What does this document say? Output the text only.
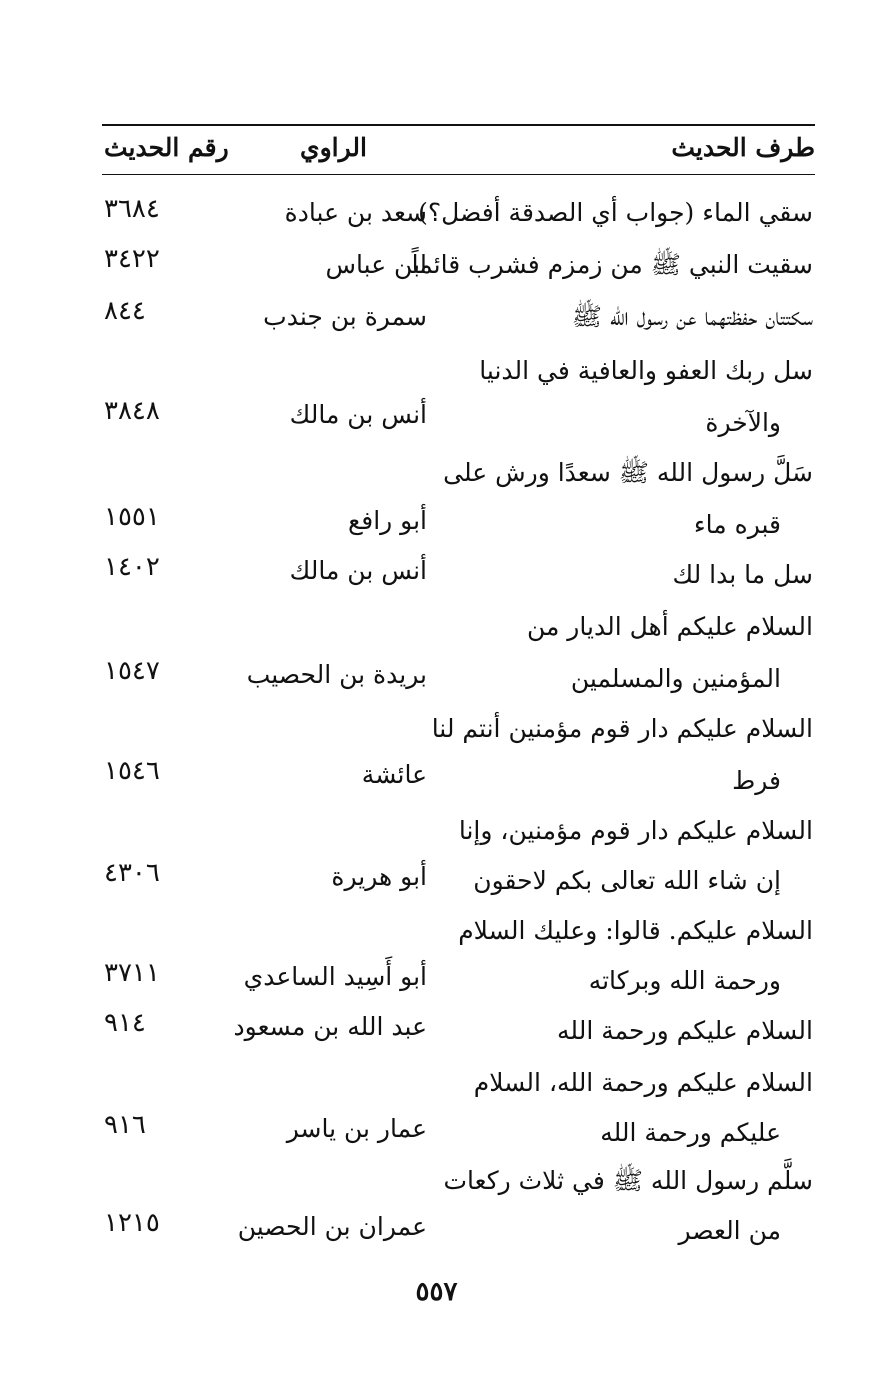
طرف الحديث
الراوي
رقم الحديث
سقي الماء (جواب أي الصدقة أفضل؟)
سعد بن عبادة
٣٦٨٤
سقيت النبي ﷺ من زمزم فشرب قائماً
ابن عباس
٣٤٢٢
سكتتان حفظتهما عن رسول الله ﷺ
سمرة بن جندب
٨٤٤
سل ربك العفو والعافية في الدنيا
والآخرة
أنس بن مالك
٣٨٤٨
سَلَّ رسول الله ﷺ سعدًا ورش على
قبره ماء
أبو رافع
١٥٥١
سل ما بدا لك
أنس بن مالك
١٤٠٢
السلام عليكم أهل الديار من
المؤمنين والمسلمين
بريدة بن الحصيب
١٥٤٧
السلام عليكم دار قوم مؤمنين أنتم لنا
فرط
عائشة
١٥٤٦
السلام عليكم دار قوم مؤمنين، وإنا
إن شاء الله تعالى بكم لاحقون
أبو هريرة
٤٣٠٦
السلام عليكم. قالوا: وعليك السلام
ورحمة الله وبركاته
أبو أَسِيد الساعدي
٣٧١١
السلام عليكم ورحمة الله
عبد الله بن مسعود
٩١٤
السلام عليكم ورحمة الله، السلام
عليكم ورحمة الله
عمار بن ياسر
٩١٦
سلَّم رسول الله ﷺ في ثلاث ركعات
من العصر
عمران بن الحصين
١٢١٥
٥٥٧
